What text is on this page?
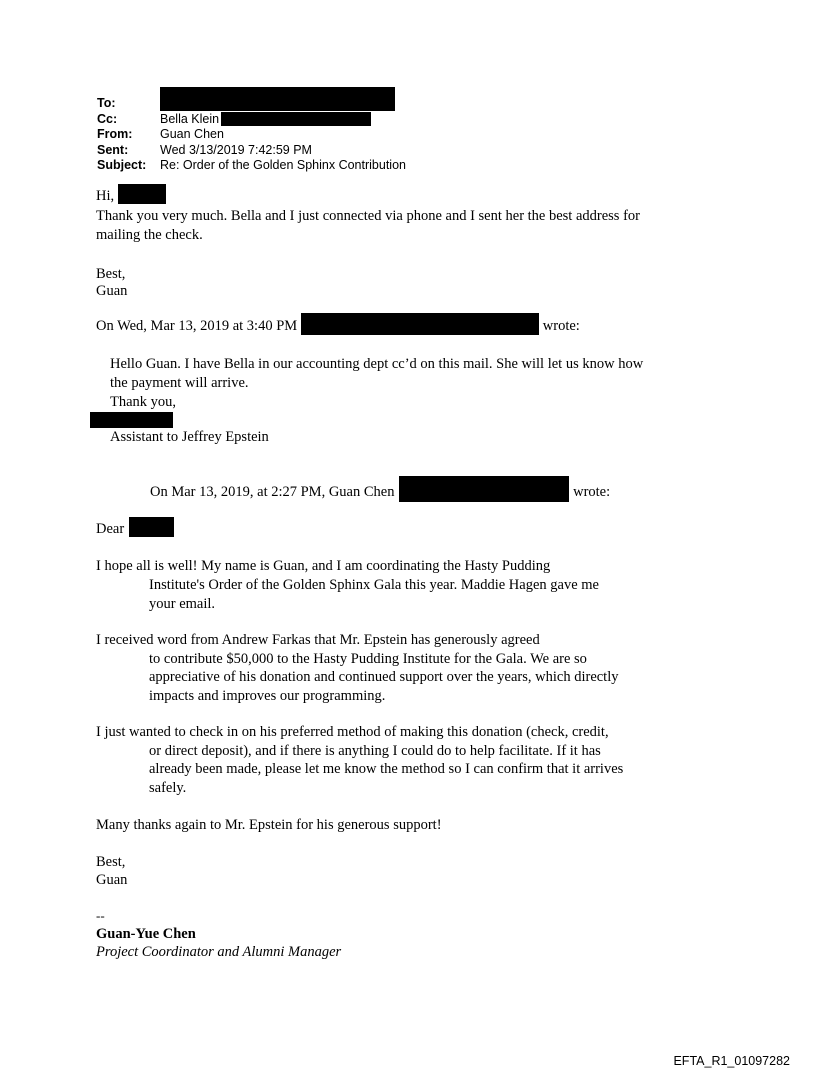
To:
Cc:	Bella Klein
From:	Guan Chen
Sent:	Wed 3/13/2019 7:42:59 PM
Subject:	Re: Order of the Golden Sphinx Contribution
Hi,
Thank you very much. Bella and I just connected via phone and I sent her the best address for
mailing the check.
Best,
Guan
On Wed, Mar 13, 2019 at 3:40 PM	wrote:
Hello Guan. I have Bella in our accounting dept cc’d on this mail. She will let us know how
the payment will arrive.
Thank you,
Assistant to Jeffrey Epstein
On Mar 13, 2019, at 2:27 PM, Guan Chen	wrote:
Dear
I hope all is well! My name is Guan, and I am coordinating the Hasty Pudding
Institute's Order of the Golden Sphinx Gala this year. Maddie Hagen gave me
your email.
I received word from Andrew Farkas that Mr. Epstein has generously agreed
to contribute $50,000 to the Hasty Pudding Institute for the Gala. We are so
appreciative of his donation and continued support over the years, which directly
impacts and improves our programming.
I just wanted to check in on his preferred method of making this donation (check, credit,
or direct deposit), and if there is anything I could do to help facilitate. If it has
already been made, please let me know the method so I can confirm that it arrives
safely.
Many thanks again to Mr. Epstein for his generous support!
Best,
Guan
--
Guan-Yue Chen
Project Coordinator and Alumni Manager
EFTA_R1_01097282
